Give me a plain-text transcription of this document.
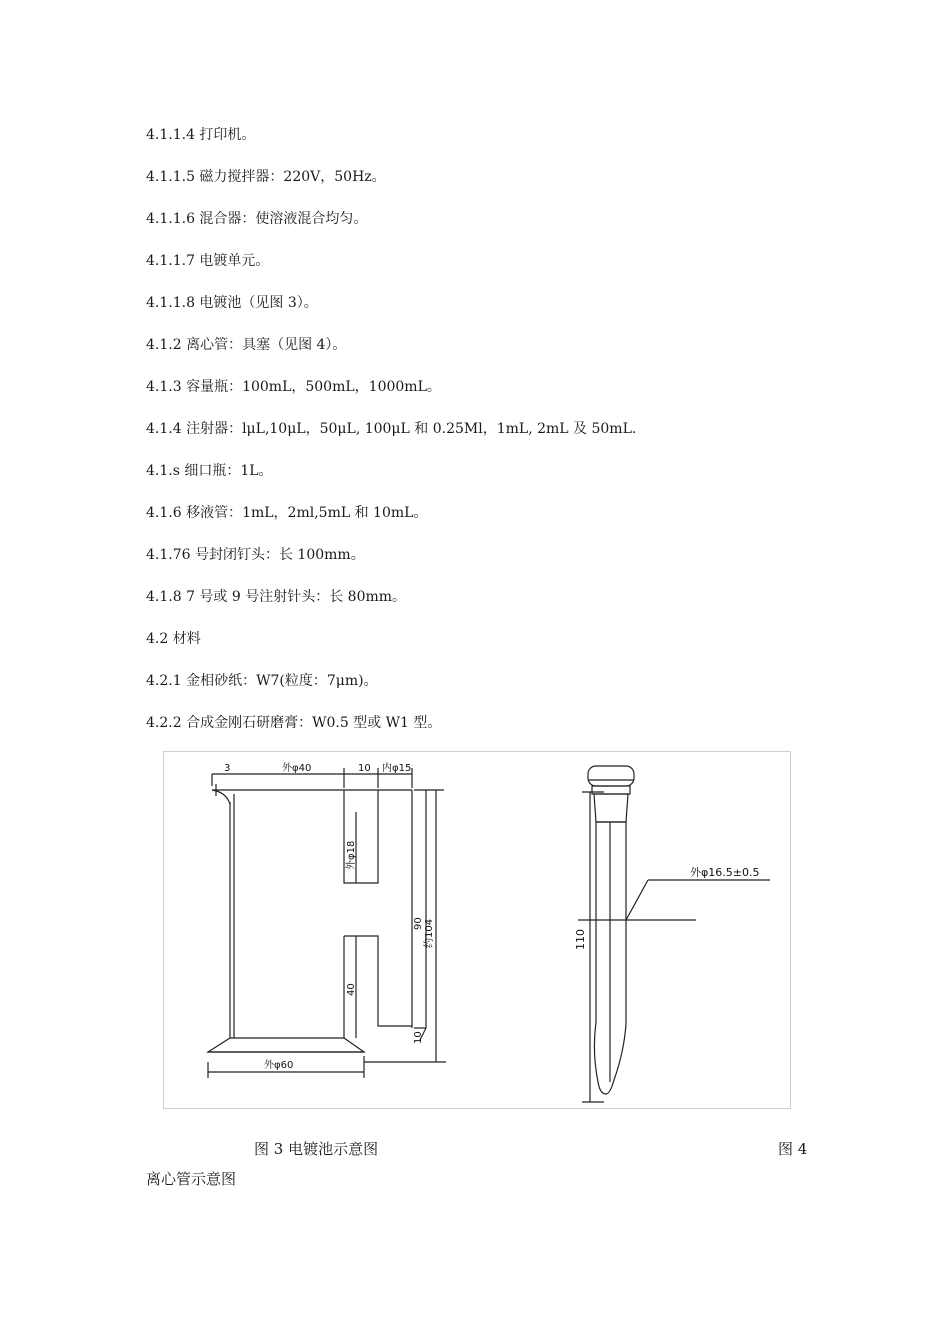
4.1.1.4 打印机。
4.1.1.5 磁力搅拌器：220V，50Hz。
4.1.1.6 混合器：使溶液混合均匀。
4.1.1.7 电镀单元。
4.1.1.8 电镀池（见图 3）。
4.1.2 离心管：具塞（见图 4）。
4.1.3 容量瓶：100mL，500mL，1000mL。
4.1.4 注射器：lμL,10μL，50μL, 100μL 和 0.25Ml，1mL, 2mL 及 50mL.
4.1.s 细口瓶：1L。
4.1.6 移液管：1mL，2ml,5mL 和 10mL。
4.1.76 号封闭钉头：长 100mm。
4.1.8 7 号或 9 号注射针头：长 80mm。
4.2 材料
4.2.1 金相砂纸：W7(粒度：7μm)。
4.2.2 合成金刚石研磨膏：W0.5 型或 W1 型。
3	外φ40	10 内φ15
外φ18
90 约104
40
10
外φ60
外φ16.5±0.5
110
图 3 电镀池示意图	图 4
离心管示意图
